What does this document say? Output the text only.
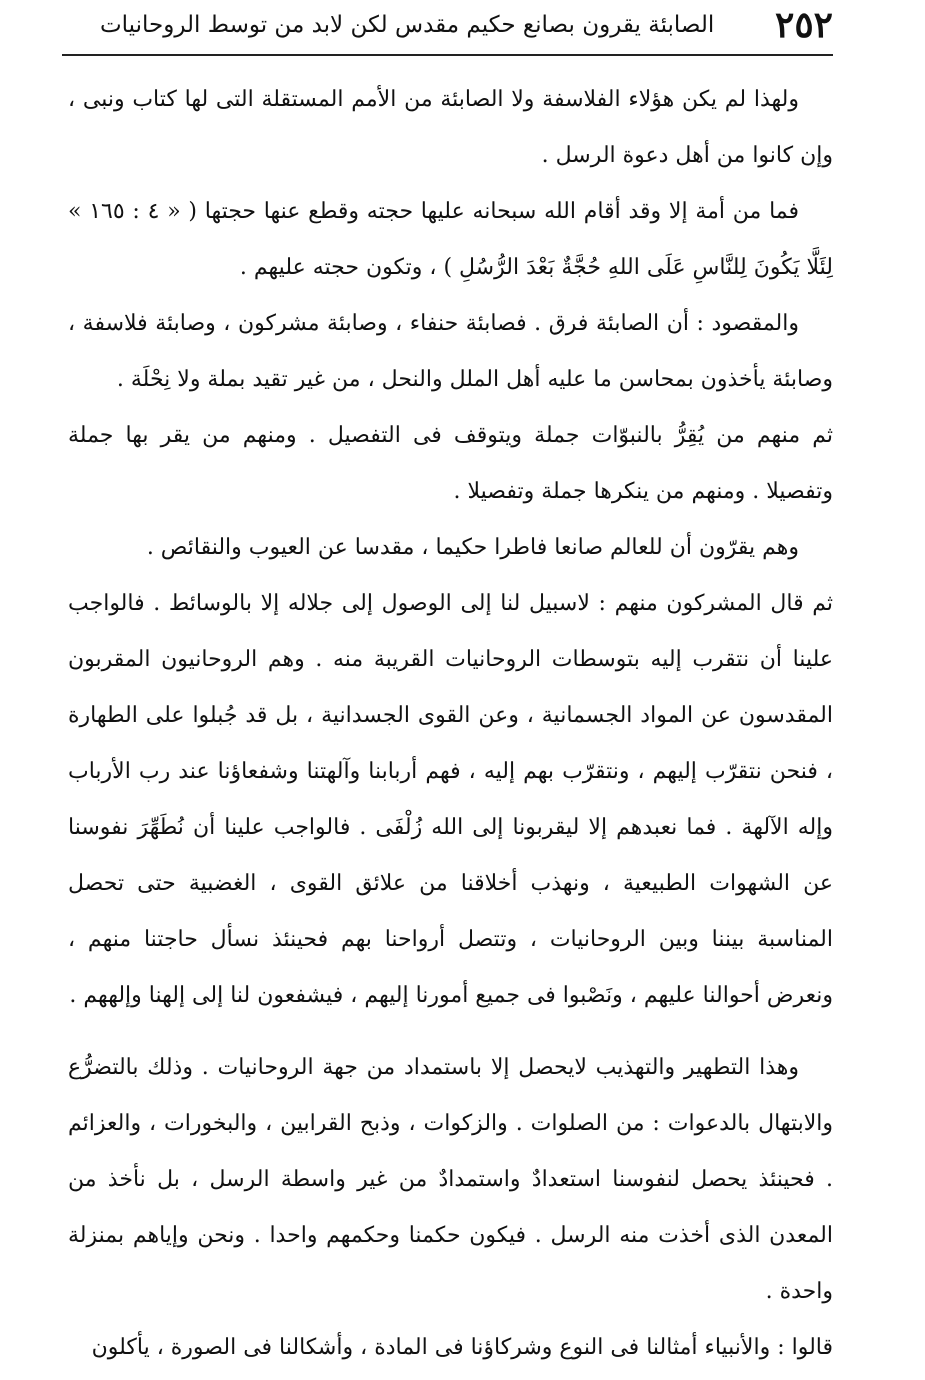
٢٥٢
الصابئة يقرون بصانع حكيم مقدس لكن لابد من توسط الروحانيات

ولهذا لم يكن هؤلاء الفلاسفة ولا الصابئة من الأمم المستقلة التى لها كتاب ونبى ، وإن كانوا من أهل دعوة الرسل .

فما من أمة إلا وقد أقام الله سبحانه عليها حجته وقطع عنها حجتها ( « ٤ : ١٦٥ » لِئَلَّا يَكُونَ لِلنَّاسِ عَلَى اللهِ حُجَّةٌ بَعْدَ الرُّسُلِ ) ، وتكون حجته عليهم .

والمقصود : أن الصابئة فرق . فصابئة حنفاء ، وصابئة مشركون ، وصابئة فلاسفة ، وصابئة يأخذون بمحاسن ما عليه أهل الملل والنحل ، من غير تقيد بملة ولا نِحْلَة .

ثم منهم من يُقِرُّ بالنبوّات جملة ويتوقف فى التفصيل . ومنهم من يقر بها جملة وتفصيلا . ومنهم من ينكرها جملة وتفصيلا .

وهم يقرّون أن للعالم صانعا فاطرا حكيما ، مقدسا عن العيوب والنقائص .

ثم قال المشركون منهم : لاسبيل لنا إلى الوصول إلى جلاله إلا بالوسائط . فالواجب علينا أن نتقرب إليه بتوسطات الروحانيات القريبة منه . وهم الروحانيون المقربون المقدسون عن المواد الجسمانية ، وعن القوى الجسدانية ، بل قد جُبلوا على الطهارة ، فنحن نتقرّب إليهم ، ونتقرّب بهم إليه ، فهم أربابنا وآلهتنا وشفعاؤنا عند رب الأرباب وإله الآلهة . فما نعبدهم إلا ليقربونا إلى الله زُلْفَى . فالواجب علينا أن نُطَهِّرَ نفوسنا عن الشهوات الطبيعية ، ونهذب أخلاقنا من علائق القوى ، الغضبية حتى تحصل المناسبة بيننا وبين الروحانيات ، وتتصل أرواحنا بهم فحينئذ نسأل حاجتنا منهم ، ونعرض أحوالنا عليهم ، ونَصْبوا فى جميع أمورنا إليهم ، فيشفعون لنا إلى إلهنا وإلههم .

وهذا التطهير والتهذيب لايحصل إلا باستمداد من جهة الروحانيات . وذلك بالتضرُّع والابتهال بالدعوات : من الصلوات . والزكوات ، وذبح القرابين ، والبخورات ، والعزائم . فحينئذ يحصل لنفوسنا استعدادٌ واستمدادٌ من غير واسطة الرسل ، بل نأخذ من المعدن الذى أخذت منه الرسل . فيكون حكمنا وحكمهم واحدا . ونحن وإياهم بمنزلة واحدة .

قالوا : والأنبياء أمثالنا فى النوع وشركاؤنا فى المادة ، وأشكالنا فى الصورة ، يأكلون
